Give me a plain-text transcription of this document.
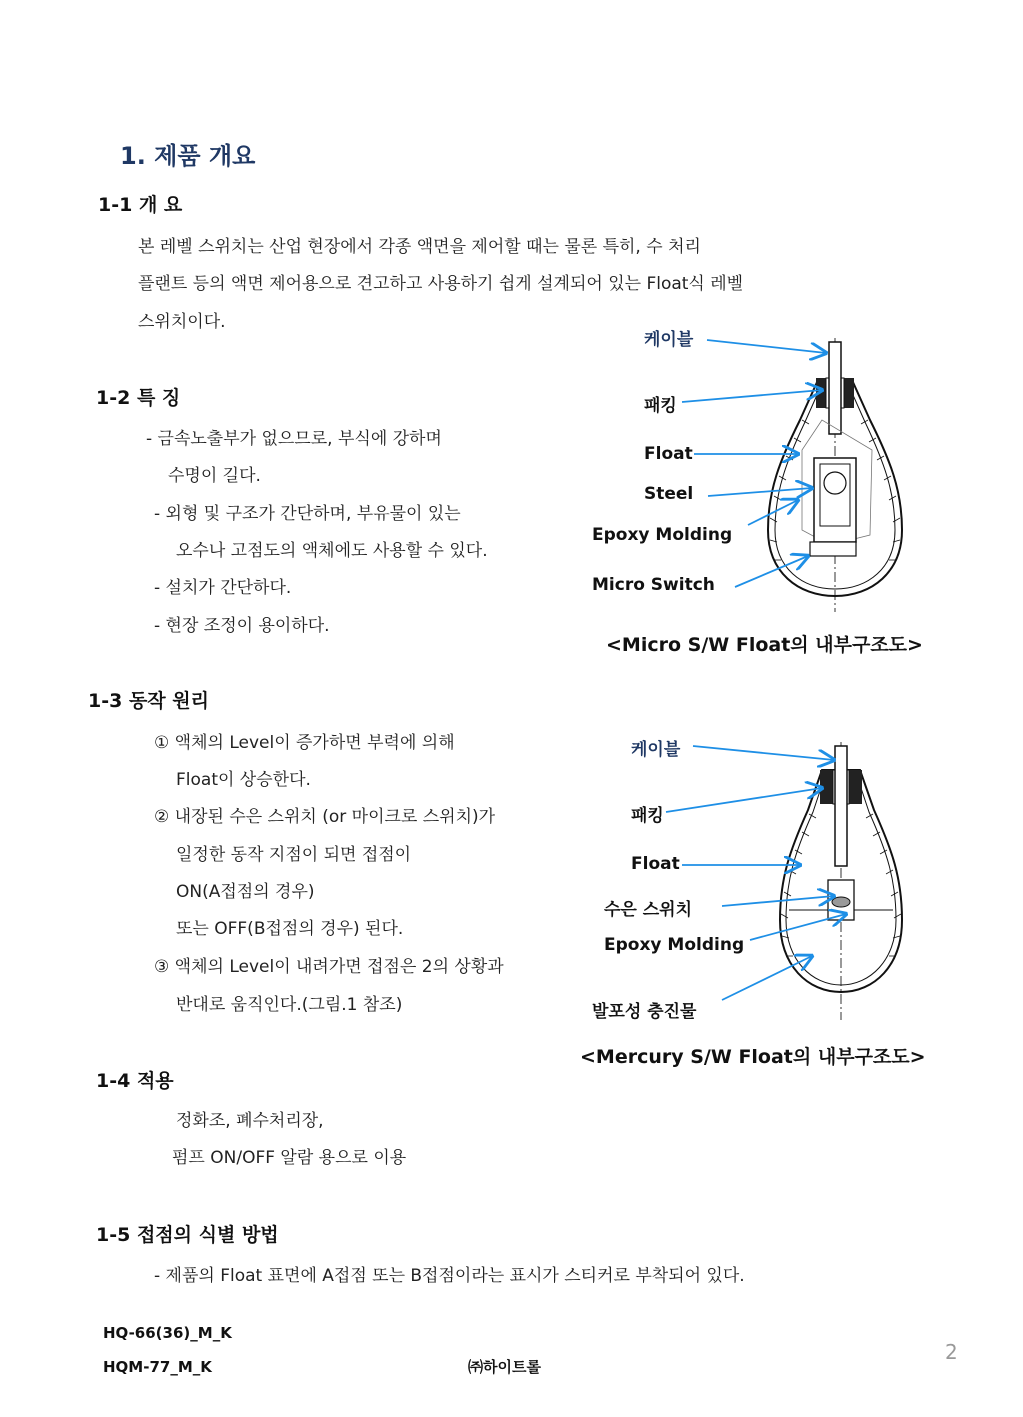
1. 제품 개요
1-1 개 요
본 레벨 스위치는 산업 현장에서 각종 액면을 제어할 때는 물론 특히, 수 처리
플랜트 등의 액면 제어용으로 견고하고 사용하기 쉽게 설계되어 있는 Float식 레벨
스위치이다.
1-2 특 징
- 금속노출부가 없으므로, 부식에 강하며
수명이 길다.
- 외형 및 구조가 간단하며, 부유물이 있는
오수나 고점도의 액체에도 사용할 수 있다.
- 설치가 간단하다.
- 현장 조정이 용이하다.
1-3 동작 원리
① 액체의 Level이 증가하면 부력에 의해
Float이 상승한다.
② 내장된 수은 스위치 (or 마이크로 스위치)가
일정한 동작 지점이 되면 접점이
ON(A접점의 경우)
또는 OFF(B접점의 경우) 된다.
③ 액체의 Level이 내려가면 접점은 2의 상황과
반대로 움직인다.(그림.1 참조)
1-4 적용
정화조, 폐수처리장,
펌프 ON/OFF 알람 용으로 이용
1-5 접점의 식별 방법
- 제품의 Float 표면에 A접점 또는 B접점이라는 표시가 스티커로 부착되어 있다.
케이블
패킹
Float
Steel
Epoxy Molding
Micro Switch
<Micro S/W Float의 내부구조도>
케이블
패킹
Float
수은 스위치
Epoxy Molding
발포성 충진물
<Mercury S/W Float의 내부구조도>
HQ-66(36)_M_K
HQM-77_M_K	㈜하이트롤
2
